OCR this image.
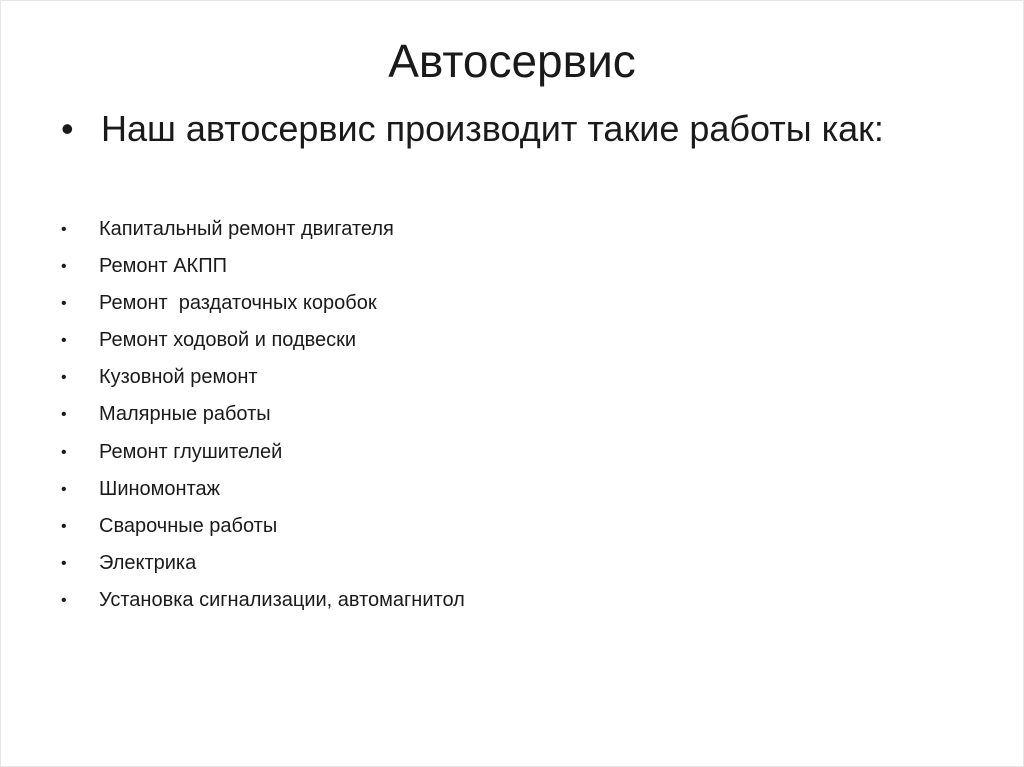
Автосервис
• Наш автосервис производит такие работы как:
• Капитальный ремонт двигателя
• Ремонт АКПП
• Ремонт  раздаточных коробок
• Ремонт ходовой и подвески
• Кузовной ремонт
• Малярные работы
• Ремонт глушителей
• Шиномонтаж
• Сварочные работы
• Электрика
• Установка сигнализации, автомагнитол
